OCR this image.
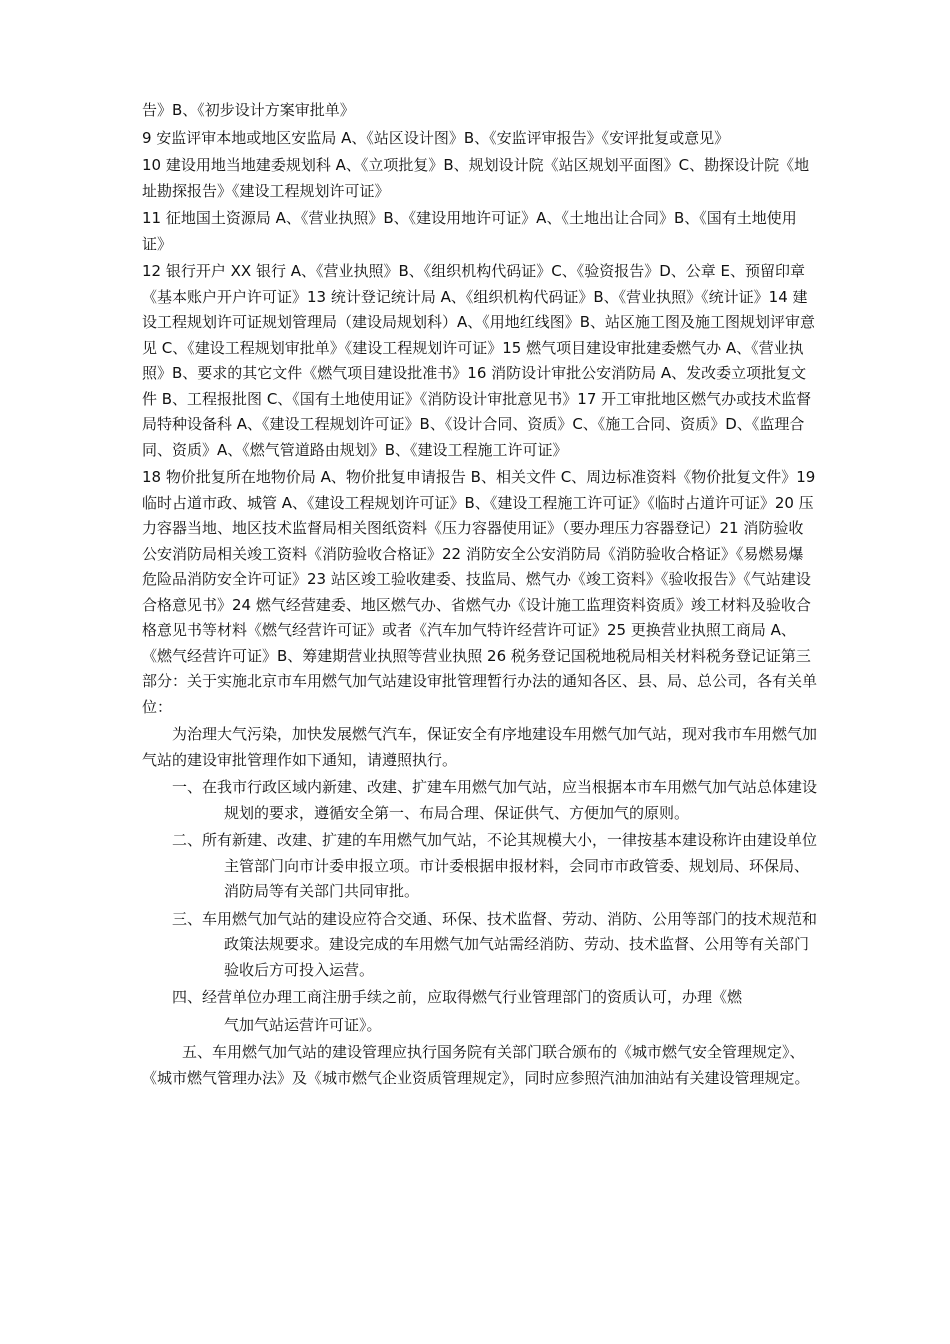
告》B、《初步设计方案审批单》

9 安监评审本地或地区安监局 A、《站区设计图》B、《安监评审报告》《安评批复或意见》

10 建设用地当地建委规划科 A、《立项批复》B、规划设计院《站区规划平面图》C、勘探设计院《地址勘探报告》《建设工程规划许可证》

11 征地国土资源局 A、《营业执照》B、《建设用地许可证》A、《土地出让合同》B、《国有土地使用证》

12 银行开户 XX 银行 A、《营业执照》B、《组织机构代码证》C、《验资报告》D、公章 E、预留印章《基本账户开户许可证》13 统计登记统计局 A、《组织机构代码证》B、《营业执照》《统计证》14 建设工程规划许可证规划管理局（建设局规划科）A、《用地红线图》B、站区施工图及施工图规划评审意见 C、《建设工程规划审批单》《建设工程规划许可证》15 燃气项目建设审批建委燃气办 A、《营业执照》B、要求的其它文件《燃气项目建设批准书》16 消防设计审批公安消防局 A、发改委立项批复文件 B、工程报批图 C、《国有土地使用证》《消防设计审批意见书》17 开工审批地区燃气办或技术监督局特种设备科 A、《建设工程规划许可证》B、《设计合同、资质》C、《施工合同、资质》D、《监理合同、资质》A、《燃气管道路由规划》B、《建设工程施工许可证》

18 物价批复所在地物价局 A、物价批复申请报告 B、相关文件 C、周边标准资料《物价批复文件》19 临时占道市政、城管 A、《建设工程规划许可证》B、《建设工程施工许可证》《临时占道许可证》20 压力容器当地、地区技术监督局相关图纸资料《压力容器使用证》（要办理压力容器登记）21 消防验收公安消防局相关竣工资料《消防验收合格证》22 消防安全公安消防局《消防验收合格证》《易燃易爆危险品消防安全许可证》23 站区竣工验收建委、技监局、燃气办《竣工资料》《验收报告》《气站建设合格意见书》24 燃气经营建委、地区燃气办、省燃气办《设计施工监理资料资质》竣工材料及验收合格意见书等材料《燃气经营许可证》或者《汽车加气特许经营许可证》25 更换营业执照工商局 A、《燃气经营许可证》B、筹建期营业执照等营业执照 26 税务登记国税地税局相关材料税务登记证第三部分：关于实施北京市车用燃气加气站建设审批管理暂行办法的通知各区、县、局、总公司，各有关单位：

为治理大气污染，加快发展燃气汽车，保证安全有序地建设车用燃气加气站，现对我市车用燃气加气站的建设审批管理作如下通知，请遵照执行。

一、在我市行政区域内新建、改建、扩建车用燃气加气站，应当根据本市车用燃气加气站总体建设规划的要求，遵循安全第一、布局合理、保证供气、方便加气的原则。

二、所有新建、改建、扩建的车用燃气加气站，不论其规模大小，一律按基本建设称许由建设单位主管部门向市计委申报立项。市计委根据申报材料，会同市市政管委、规划局、环保局、消防局等有关部门共同审批。

三、车用燃气加气站的建设应符合交通、环保、技术监督、劳动、消防、公用等部门的技术规范和政策法规要求。建设完成的车用燃气加气站需经消防、劳动、技术监督、公用等有关部门验收后方可投入运营。

四、经营单位办理工商注册手续之前，应取得燃气行业管理部门的资质认可，办理《燃

气加气站运营许可证》。

五、车用燃气加气站的建设管理应执行国务院有关部门联合颁布的《城市燃气安全管理规定》、《城市燃气管理办法》及《城市燃气企业资质管理规定》，同时应参照汽油加油站有关建设管理规定。
